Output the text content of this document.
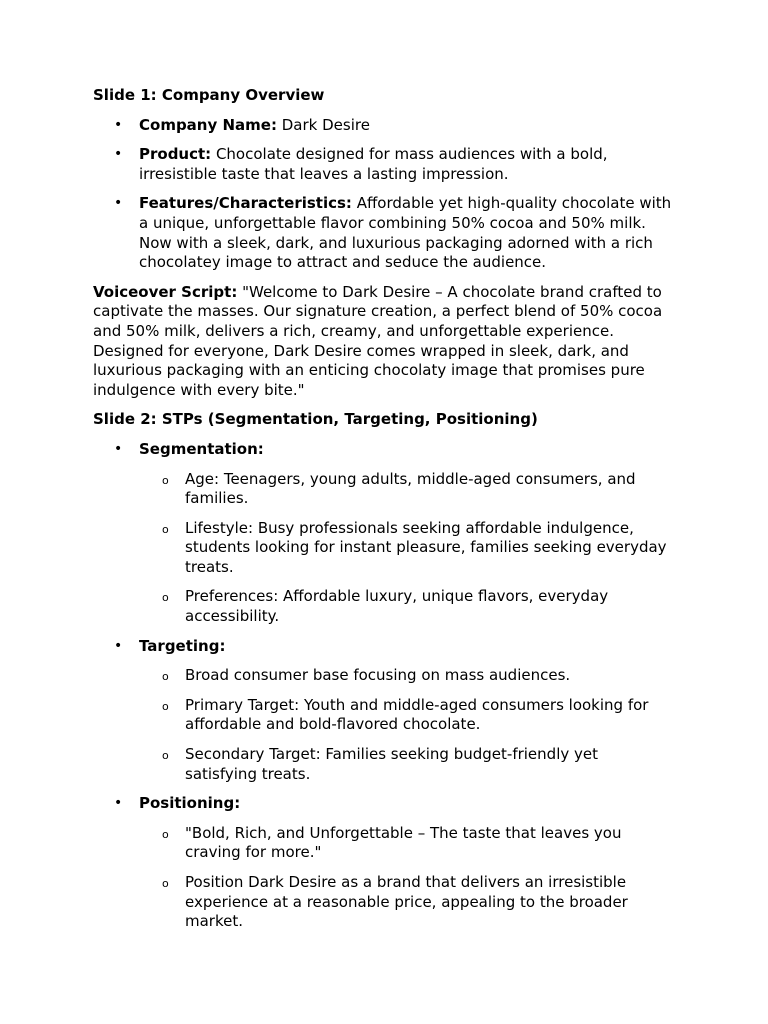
Slide 1: Company Overview
• Company Name: Dark Desire
• Product: Chocolate designed for mass audiences with a bold, irresistible taste that leaves a lasting impression.
• Features/Characteristics: Affordable yet high-quality chocolate with a unique, unforgettable flavor combining 50% cocoa and 50% milk. Now with a sleek, dark, and luxurious packaging adorned with a rich chocolatey image to attract and seduce the audience.
Voiceover Script: "Welcome to Dark Desire – A chocolate brand crafted to captivate the masses. Our signature creation, a perfect blend of 50% cocoa and 50% milk, delivers a rich, creamy, and unforgettable experience. Designed for everyone, Dark Desire comes wrapped in sleek, dark, and luxurious packaging with an enticing chocolaty image that promises pure indulgence with every bite."
Slide 2: STPs (Segmentation, Targeting, Positioning)
• Segmentation:
o Age: Teenagers, young adults, middle-aged consumers, and families.
o Lifestyle: Busy professionals seeking affordable indulgence, students looking for instant pleasure, families seeking everyday treats.
o Preferences: Affordable luxury, unique flavors, everyday accessibility.
• Targeting:
o Broad consumer base focusing on mass audiences.
o Primary Target: Youth and middle-aged consumers looking for affordable and bold-flavored chocolate.
o Secondary Target: Families seeking budget-friendly yet satisfying treats.
• Positioning:
o "Bold, Rich, and Unforgettable – The taste that leaves you craving for more."
o Position Dark Desire as a brand that delivers an irresistible experience at a reasonable price, appealing to the broader market.
